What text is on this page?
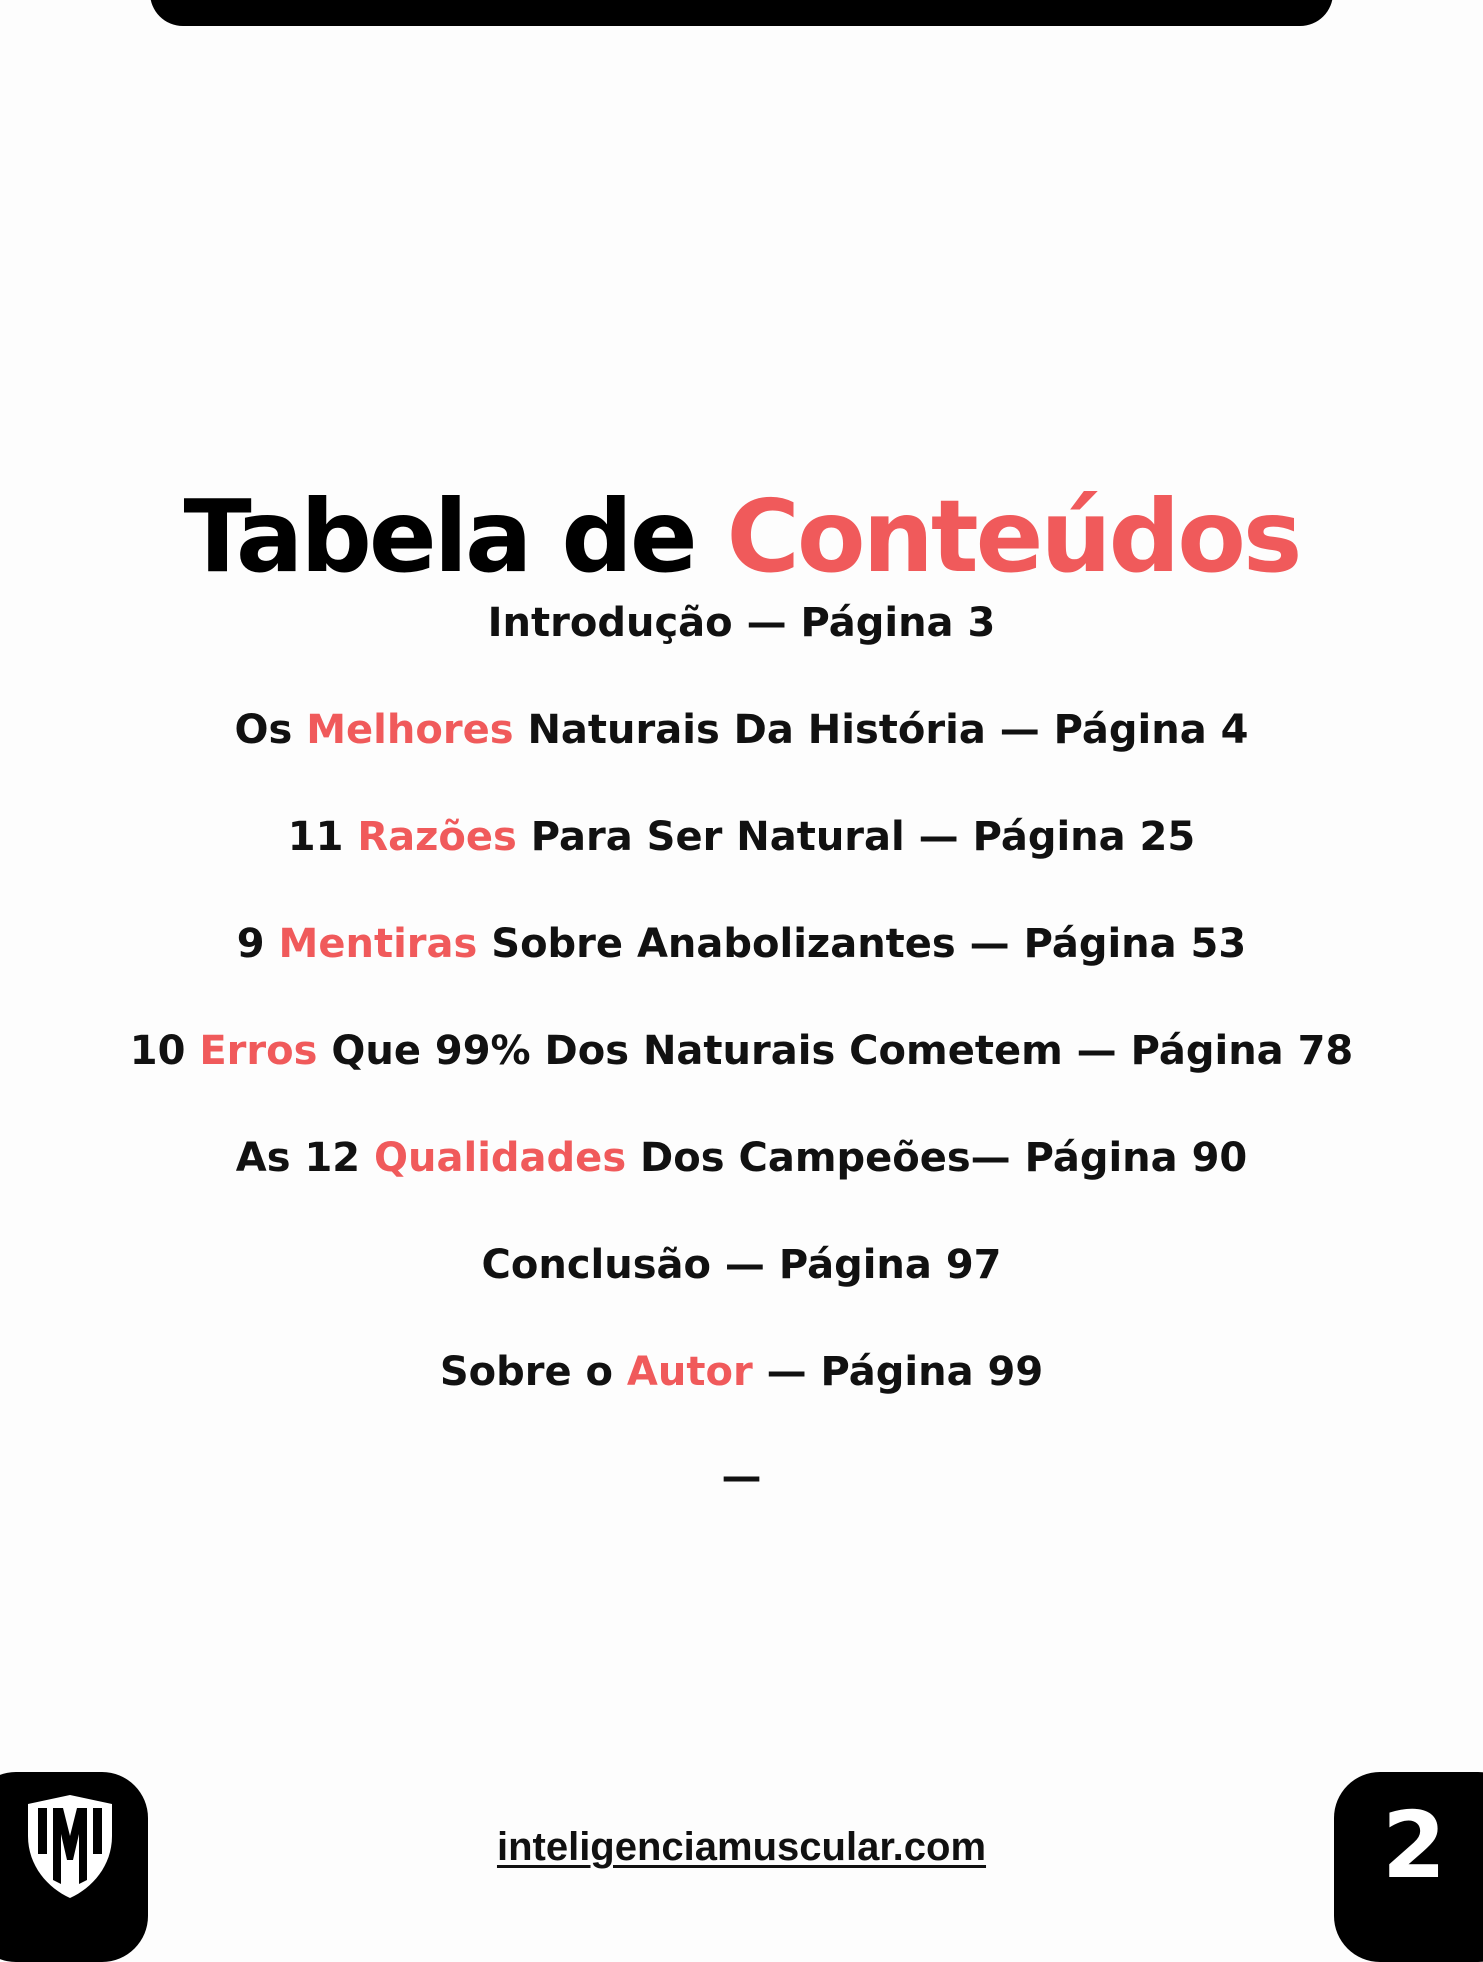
Tabela de Conteúdos
Introdução — Página 3
Os Melhores Naturais Da História — Página 4
11 Razões Para Ser Natural — Página 25
9 Mentiras Sobre Anabolizantes — Página 53
10 Erros Que 99% Dos Naturais Cometem — Página 78
As 12 Qualidades Dos Campeões— Página 90
Conclusão — Página 97
Sobre o Autor — Página 99
—
inteligenciamuscular.com	2
